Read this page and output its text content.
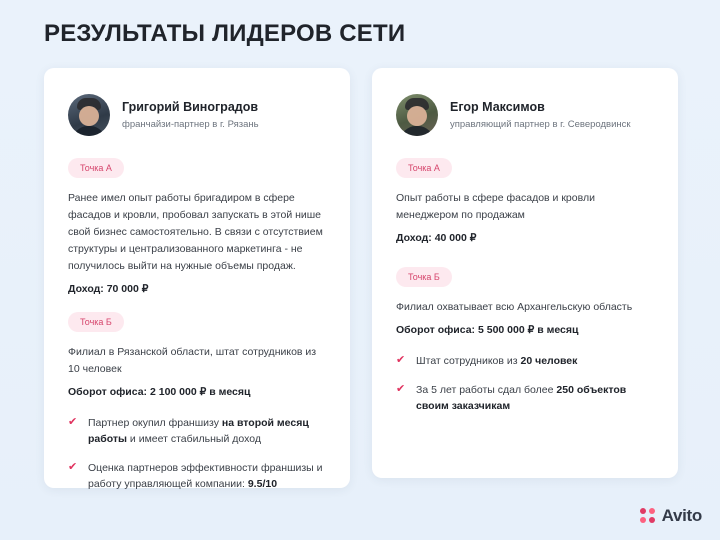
РЕЗУЛЬТАТЫ ЛИДЕРОВ СЕТИ
Григорий Виноградов
франчайзи-партнер в г. Рязань
Точка А

Ранее имел опыт работы бригадиром в сфере фасадов и кровли, пробовал запускать в этой нише свой бизнес самостоятельно. В связи с отсутствием структуры и централизованного маркетинга - не получилось выйти на нужные объемы продаж.

Доход: 70 000 ₽

Точка Б

Филиал в Рязанской области, штат сотрудников из 10 человек

Оборот офиса: 2 100 000 ₽ в месяц

✔ Партнер окупил франшизу на второй месяц работы и имеет стабильный доход
✔ Оценка партнеров эффективности франшизы и работу управляющей компании: 9.5/10
Егор Максимов
управляющий партнер в г. Северодвинск
Точка А

Опыт работы в сфере фасадов и кровли менеджером по продажам

Доход: 40 000 ₽

Точка Б

Филиал охватывает всю Архангельскую область

Оборот офиса: 5 500 000 ₽ в месяц

✔ Штат сотрудников из 20 человек
✔ За 5 лет работы сдал более 250 объектов своим заказчикам
Avito
